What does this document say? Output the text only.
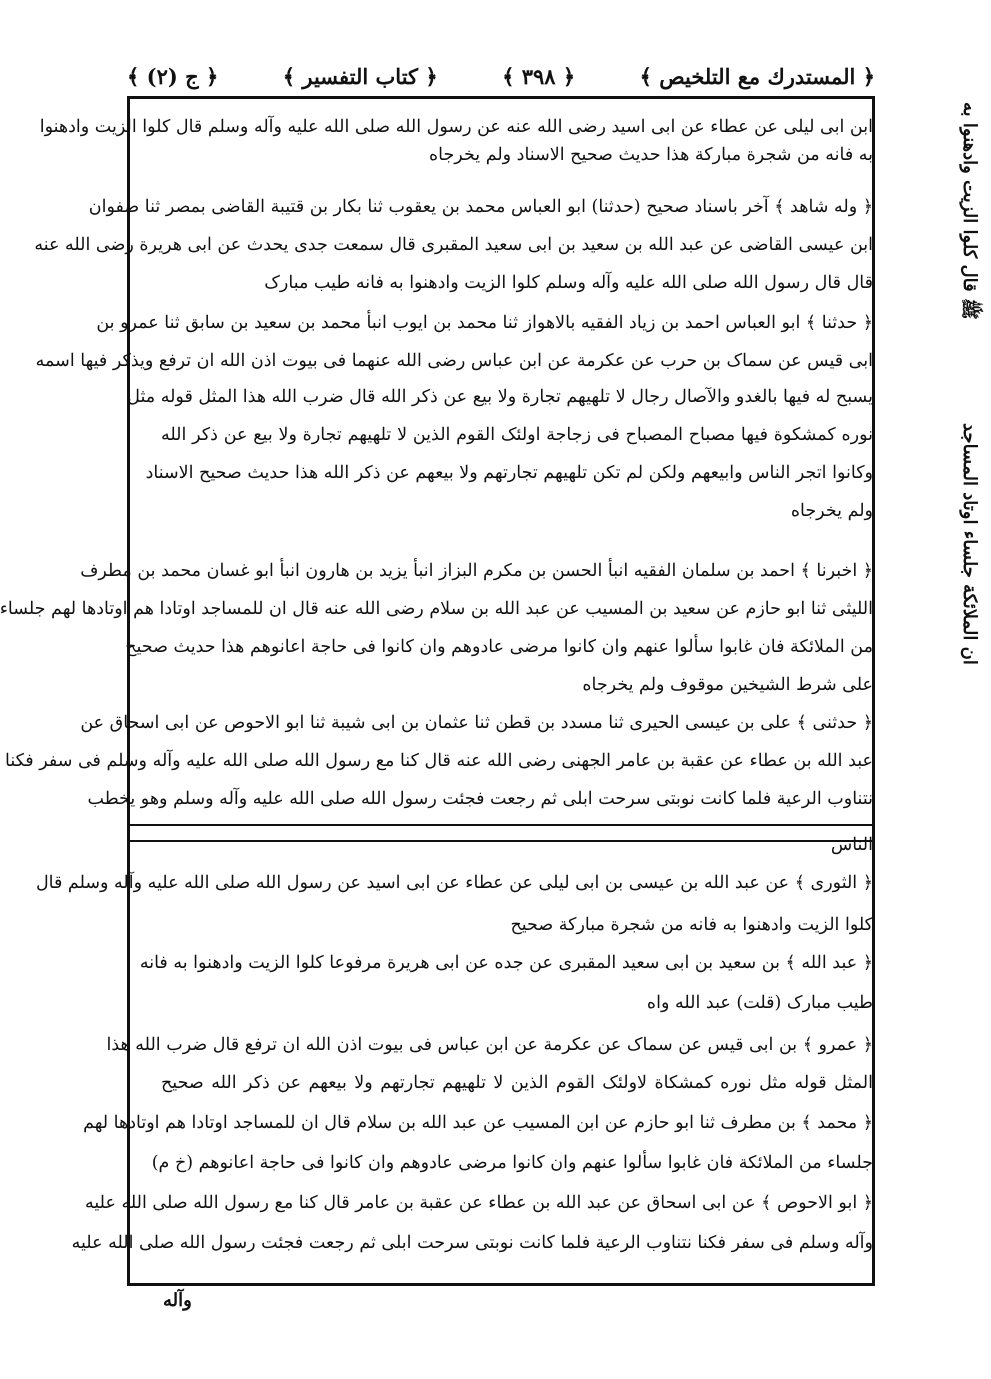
﴿ المستدرك مع التلخيص ﴾
﴿ ٣٩٨ ﴾
﴿ كتاب التفسير ﴾
﴿ ج (٢) ﴾
ﷺ قال كلوا الزيت وادهنوا به
ان الملائكة جلساء اوتاد المساجد
ابن ابی لیلی عن عطاء عن ابی اسید رضی الله عنه عن رسول الله صلی الله علیه وآله وسلم قال کلوا الزیت وادهنوا
به فانه من شجرة مبارکة هذا حدیث صحیح الاسناد ولم یخرجاه
﴿ وله شاهد ﴾ آخر باسناد صحیح (حدثنا) ابو العباس محمد بن یعقوب ثنا بکار بن قتیبة القاضی بمصر ثنا صفوان
ابن عیسی القاضی عن عبد الله بن سعید بن ابی سعید المقبری قال سمعت جدی یحدث عن ابی هریرة رضی الله عنه
قال قال رسول الله صلی الله علیه وآله وسلم کلوا الزیت وادهنوا به فانه طیب مبارک
﴿ حدثنا ﴾ ابو العباس احمد بن زیاد الفقیه بالاهواز ثنا محمد بن ایوب انبأ محمد بن سعید بن سابق ثنا عمرو بن
ابی قیس عن سماک بن حرب عن عکرمة عن ابن عباس رضی الله عنهما فی بیوت اذن الله ان ترفع ویذکر فیها اسمه
یسبح له فیها بالغدو والآصال رجال لا تلهیهم تجارة ولا بیع عن ذکر الله قال ضرب الله هذا المثل قوله مثل
نوره کمشکوة فیها مصباح المصباح فی زجاجة اولئک القوم الذین لا تلهیهم تجارة ولا بیع عن ذکر الله
وکانوا اتجر الناس وابیعهم ولکن لم تکن تلهیهم تجارتهم ولا بیعهم عن ذکر الله هذا حدیث صحیح الاسناد
ولم یخرجاه
﴿ اخبرنا ﴾ احمد بن سلمان الفقیه انبأ الحسن بن مکرم البزاز انبأ یزید بن هارون انبأ ابو غسان محمد بن مطرف
اللیثی ثنا ابو حازم عن سعید بن المسیب عن عبد الله بن سلام رضی الله عنه قال ان للمساجد اوتادا هم اوتادها لهم جلساء
من الملائکة فان غابوا سألوا عنهم وان کانوا مرضی عادوهم وان کانوا فی حاجة اعانوهم هذا حدیث صحیح
علی شرط الشیخین موقوف ولم یخرجاه
﴿ حدثنی ﴾ علی بن عیسی الحیری ثنا مسدد بن قطن ثنا عثمان بن ابی شیبة ثنا ابو الاحوص عن ابی اسحاق عن
عبد الله بن عطاء عن عقبة بن عامر الجهنی رضی الله عنه قال کنا مع رسول الله صلی الله علیه وآله وسلم فی سفر فکنا
نتناوب الرعیة فلما کانت نوبتی سرحت ابلی ثم رجعت فجئت رسول الله صلی الله علیه وآله وسلم وهو یخطب
الناس
﴿ الثوری ﴾ عن عبد الله بن عیسی بن ابی لیلی عن عطاء عن ابی اسید عن رسول الله صلی الله علیه وآله وسلم قال
کلوا الزیت وادهنوا به فانه من شجرة مبارکة صحیح
﴿ عبد الله ﴾ بن سعید بن ابی سعید المقبری عن جده عن ابی هریرة مرفوعا کلوا الزیت وادهنوا به فانه
طیب مبارک (قلت) عبد الله واه
﴿ عمرو ﴾ بن ابی قیس عن سماک عن عکرمة عن ابن عباس فی بیوت اذن الله ان ترفع قال ضرب الله هذا
المثل قوله مثل نوره کمشکاة لاولئک القوم الذین لا تلهیهم تجارتهم ولا بیعهم عن ذکر الله صحیح
﴿ محمد ﴾ بن مطرف ثنا ابو حازم عن ابن المسیب عن عبد الله بن سلام قال ان للمساجد اوتادا هم اوتادها لهم
جلساء من الملائکة فان غابوا سألوا عنهم وان کانوا مرضی عادوهم وان کانوا فی حاجة اعانوهم (خ م)
﴿ ابو الاحوص ﴾ عن ابی اسحاق عن عبد الله بن عطاء عن عقبة بن عامر قال کنا مع رسول الله صلی الله علیه
وآله وسلم فی سفر فکنا نتناوب الرعیة فلما کانت نوبتی سرحت ابلی ثم رجعت فجئت رسول الله صلی الله علیه
وآله
